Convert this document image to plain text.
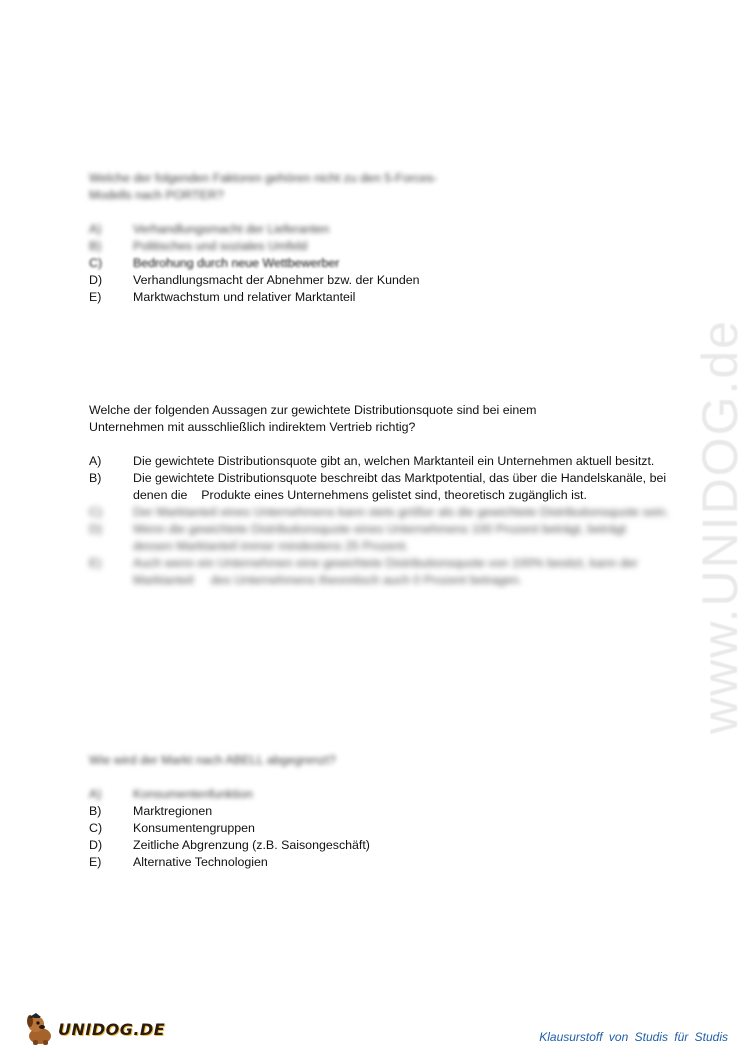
www.UNIDOG.de
Welche der folgenden Faktoren gehören nicht zu den 5-Forces-Modells nach PORTER?
A)	Verhandlungsmacht der Lieferanten
B)	Politisches und soziales Umfeld
C)	Bedrohung durch neue Wettbewerber
D)	Verhandlungsmacht der Abnehmer bzw. der Kunden
E)	Marktwachstum und relativer Marktanteil
Welche der folgenden Aussagen zur gewichtete Distributionsquote sind bei einem Unternehmen mit ausschließlich indirektem Vertrieb richtig?
A)	Die gewichtete Distributionsquote gibt an, welchen Marktanteil ein Unternehmen aktuell besitzt.
B)	Die gewichtete Distributionsquote beschreibt das Marktpotential, das über die Handelskanäle, bei denen die    Produkte eines Unternehmens gelistet sind, theoretisch zugänglich ist.
C)	Der Marktanteil eines Unternehmens kann stets größer als die gewichtete Distributionsquote sein.
D)	Wenn die gewichtete Distributionsquote eines Unternehmens 100 Prozent beträgt, beträgt dessen Marktanteil immer mindestens 25 Prozent.
E)	Auch wenn ein Unternehmen eine gewichtete Distributionsquote von 100% besitzt, kann der Marktanteil     des Unternehmens theoretisch auch 0 Prozent betragen.
Wie wird der Markt nach ABELL abgegrenzt?
A)	Konsumentenfunktion
B)	Marktregionen
C)	Konsumentengruppen
D)	Zeitliche Abgrenzung (z.B. Saisongeschäft)
E)	Alternative Technologien
UNIDOG.DE	Klausurstoff von Studis für Studis
